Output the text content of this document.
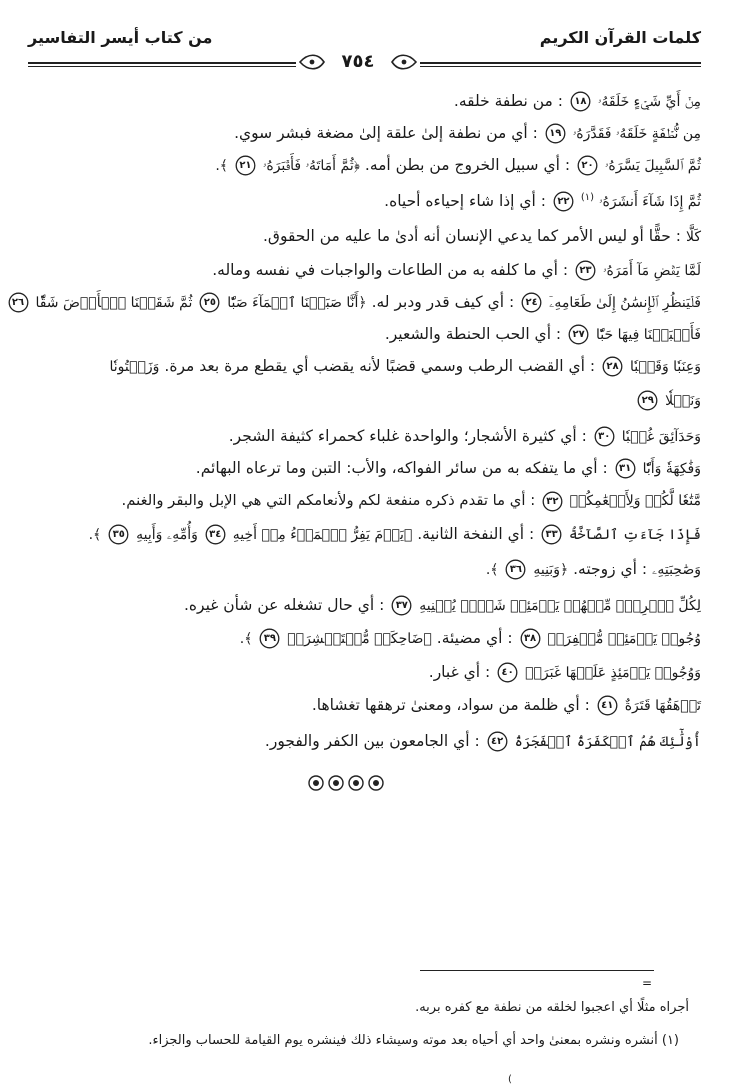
كلمات القرآن الكريم
من كتاب أيسر التفاسير
٧٥٤
مِنۡ أَيِّ شَيۡءٍ خَلَقَهُۥ
١٨
: من نطفة خلقه.
مِن نُّطۡفَةٍ خَلَقَهُۥ فَقَدَّرَهُۥ
١٩
: أي من نطفة إلىٰ علقة إلىٰ مضغة فبشر سوي.
ثُمَّ ٱلسَّبِيلَ يَسَّرَهُۥ
٢٠
: أي سبيل الخروج من بطن أمه. ﴿ثُمَّ أَمَاتَهُۥ فَأَقۡبَرَهُۥ
٢١
﴾.
ثُمَّ إِذَا شَآءَ أَنشَرَهُۥ $^{(١)}$
٢٢
: أي إذا شاء إحياءه أحياه.
كَلَّا : حقًّا أو ليس الأمر كما يدعي الإنسان أنه أدىٰ ما عليه من الحقوق.
لَمَّا يَقۡضِ مَآ أَمَرَهُۥ
٢٣
: أي ما كلفه به من الطاعات والواجبات في نفسه وماله.
فَلۡيَنظُرِ ٱلۡإِنسَٰنُ إِلَىٰ طَعَامِهِۦٓ
٢٤
: أي كيف قدر ودبر له. ﴿أَنَّا صَبَبۡنَا ٱلۡمَآءَ صَبّٗا
٢٥
ثُمَّ شَقَقۡنَا ٱلۡأَرۡضَ شَقّٗا
٢٦
فَأَنۢبَتۡنَا فِيهَا حَبّٗا
٢٧
: أي الحب الحنطة والشعير.
وَعِنَبٗا وَقَضۡبٗا
٢٨
: أي القضب الرطب وسمي قضبًا لأنه يقضب أي يقطع مرة بعد مرة. وَزَيۡتُونٗا
وَنَخۡلٗا
٢٩
وَحَدَآئِقَ غُلۡبٗا
٣٠
: أي كثيرة الأشجار؛ والواحدة غلباء كحمراء كثيفة الشجر.
وَفَٰكِهَةٗ وَأَبّٗا
٣١
: أي ما يتفكه به من سائر الفواكه، والأب: التبن وما ترعاه البهائم.
مَّتَٰعٗا لَّكُمۡ وَلِأَنۡعَٰمِكُمۡ
٣٢
: أي ما تقدم ذكره منفعة لكم ولأنعامكم التي هي الإبل والبقر والغنم.
فَإِذَا جَآءَتِ ٱلصَّآخَّةُ
٣٣
: أي النفخة الثانية. ﴿يَوۡمَ يَفِرُّ ٱلۡمَرۡءُ مِنۡ أَخِيهِ
٣٤
وَأُمِّهِۦ وَأَبِيهِ
٣٥
﴾.
وَصَٰحِبَتِهِۦ : أي زوجته. ﴿وَبَنِيهِ
٣٦
﴾.
لِكُلِّ ٱمۡرِيٕٖ مِّنۡهُمۡ يَوۡمَئِذٖ شَأۡنٞ يُغۡنِيهِ
٣٧
: أي حال تشغله عن شأن غيره.
وُجُوهٞ يَوۡمَئِذٖ مُّسۡفِرَةٞ
٣٨
: أي مضيئة. ﴿ضَاحِكَةٞ مُّسۡتَبۡشِرَةٞ
٣٩
﴾.
وَوُجُوهٞ يَوۡمَئِذٍ عَلَيۡهَا غَبَرَةٞ
٤٠
: أي غبار.
تَرۡهَقُهَا قَتَرَةٌ
٤١
: أي ظلمة من سواد، ومعنىٰ ترهقها تغشاها.
أُوْلَٰٓئِكَ هُمُ ٱلۡكَفَرَةُ ٱلۡفَجَرَةُ
٤٢
: أي الجامعون بين الكفر والفجور.
=
أجراه مثلًا أي اعجبوا لخلقه من نطفة مع كفره بربه.
(١) أنشره ونشره بمعنىٰ واحد أي أحياه بعد موته وسيشاء ذلك فينشره يوم القيامة للحساب والجزاء.
(
